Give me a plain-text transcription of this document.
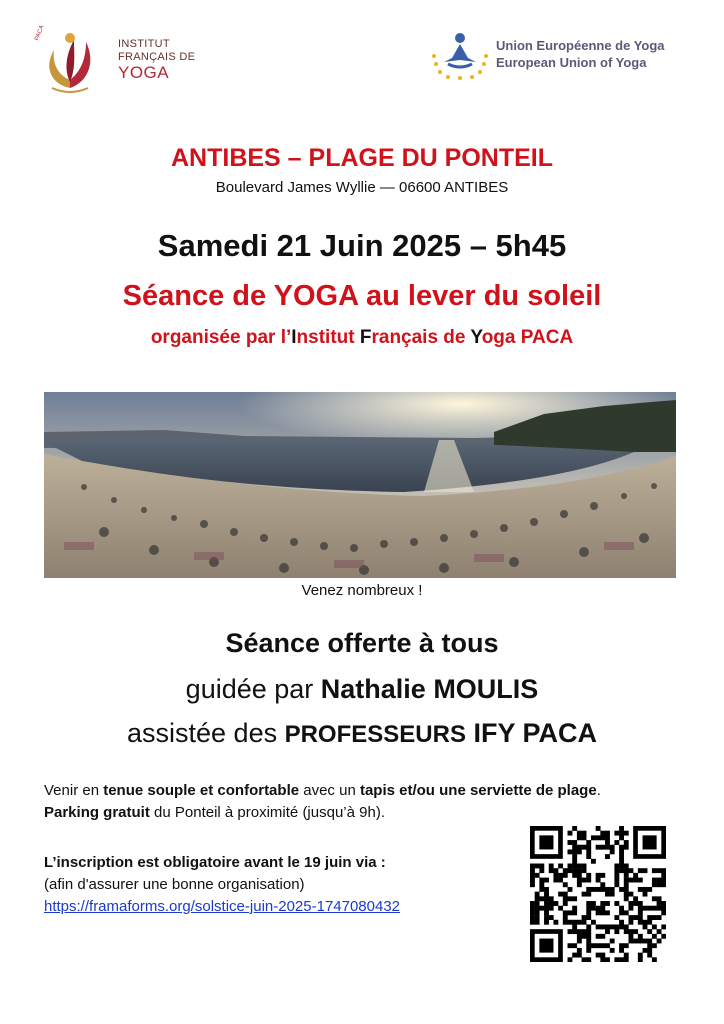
PACA
INSTITUT
FRANÇAIS DE
YOGA
Union Européenne de Yoga
European Union of Yoga
ANTIBES – PLAGE DU PONTEIL
Boulevard James Wyllie — 06600 ANTIBES
Samedi 21 Juin 2025 – 5h45
Séance de YOGA au lever du soleil
organisée par l’Institut Français de Yoga PACA
Venez nombreux !
Séance offerte à tous
guidée par Nathalie MOULIS
assistée des PROFESSEURS IFY PACA
Venir en tenue souple et confortable avec un tapis et/ou une serviette de plage.
Parking gratuit du Ponteil à proximité (jusqu’à 9h).
L’inscription est obligatoire avant le 19 juin via :
(afin d'assurer une bonne organisation)
https://framaforms.org/solstice-juin-2025-1747080432
